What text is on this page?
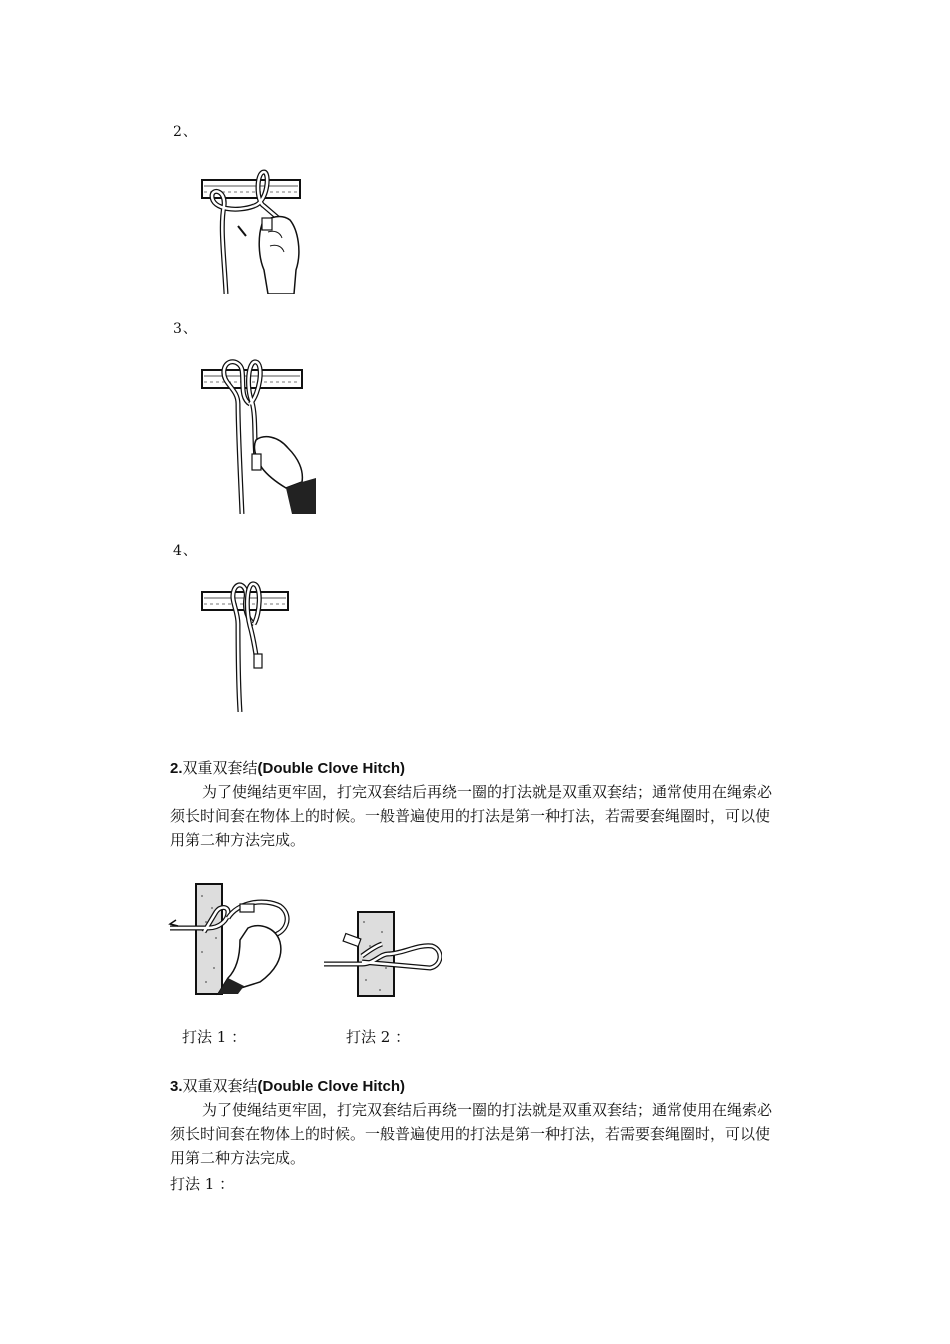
2、
3、
4、
2.双重双套结(Double Clove Hitch)
为了使绳结更牢固，打完双套结后再绕一圈的打法就是双重双套结；通常使用在绳索必须长时间套在物体上的时候。一般普遍使用的打法是第一种打法，若需要套绳圈时，可以使用第二种方法完成。
打法 1 ：	打法 2 ：
3.双重双套结(Double Clove Hitch)
为了使绳结更牢固，打完双套结后再绕一圈的打法就是双重双套结；通常使用在绳索必须长时间套在物体上的时候。一般普遍使用的打法是第一种打法，若需要套绳圈时，可以使用第二种方法完成。
打法 1 ：
